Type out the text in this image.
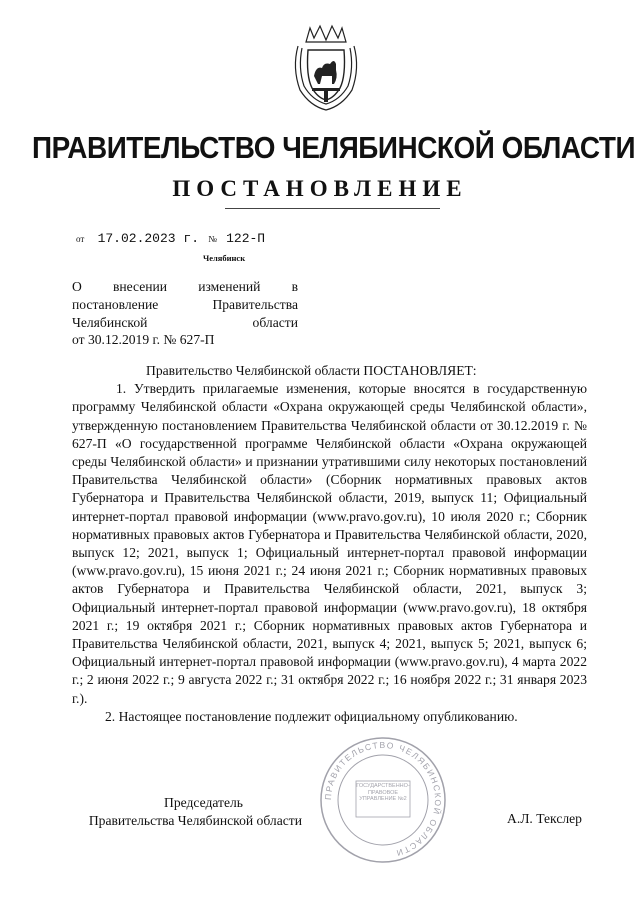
ПРАВИТЕЛЬСТВО ЧЕЛЯБИНСКОЙ ОБЛАСТИ
ПОСТАНОВЛЕНИЕ
от 17.02.2023 г. № 122-П
Челябинск
О внесении изменений в
постановление Правительства
Челябинской области
от 30.12.2019 г. № 627-П

Правительство Челябинской области ПОСТАНОВЛЯЕТ:

1. Утвердить прилагаемые изменения, которые вносятся в государственную программу Челябинской области «Охрана окружающей среды Челябинской области», утвержденную постановлением Правительства Челябинской области от 30.12.2019 г. № 627-П «О государственной программе Челябинской области «Охрана окружающей среды Челябинской области» и признании утратившими силу некоторых постановлений Правительства Челябинской области» (Сборник нормативных правовых актов Губернатора и Правительства Челябинской области, 2019, выпуск 11; Официальный интернет-портал правовой информации (www.pravo.gov.ru), 10 июля 2020 г.; Сборник нормативных правовых актов Губернатора и Правительства Челябинской области, 2020, выпуск 12; 2021, выпуск 1; Официальный интернет-портал правовой информации (www.pravo.gov.ru), 15 июня 2021 г.; 24 июня 2021 г.; Сборник нормативных правовых актов Губернатора и Правительства Челябинской области, 2021, выпуск 3; Официальный интернет-портал правовой информации (www.pravo.gov.ru), 18 октября 2021 г.; 19 октября 2021 г.; Сборник нормативных правовых актов Губернатора и Правительства Челябинской области, 2021, выпуск 4; 2021, выпуск 5; 2021, выпуск 6; Официальный интернет-портал правовой информации (www.pravo.gov.ru), 4 марта 2022 г.; 2 июня 2022 г.; 9 августа 2022 г.; 31 октября 2022 г.; 16 ноября 2022 г.; 31 января 2023 г.).

2. Настоящее постановление подлежит официальному опубликованию.

ПРАВИТЕЛЬСТВО ЧЕЛЯБИНСКОЙ ОБЛАСТИ
ГОСУДАРСТВЕННО-ПРАВОВОЕ УПРАВЛЕНИЕ №2
Председатель
Правительства Челябинской области	А.Л. Текслер
